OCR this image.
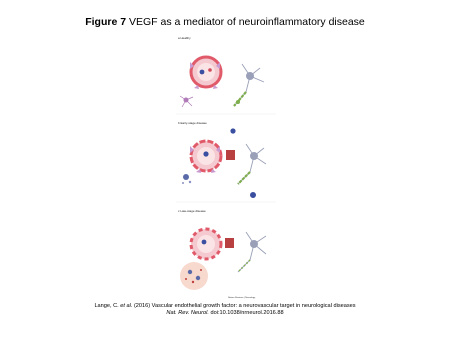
Figure 7 VEGF as a mediator of neuroinflammatory disease
a Healthy
b Early-stage disease
c Late-stage disease
Nature Reviews | Neurology
Lange, C. et al. (2016) Vascular endothelial growth factor: a neurovascular target in neurological diseases
Nat. Rev. Neurol. doi:10.1038/nrneurol.2016.88
